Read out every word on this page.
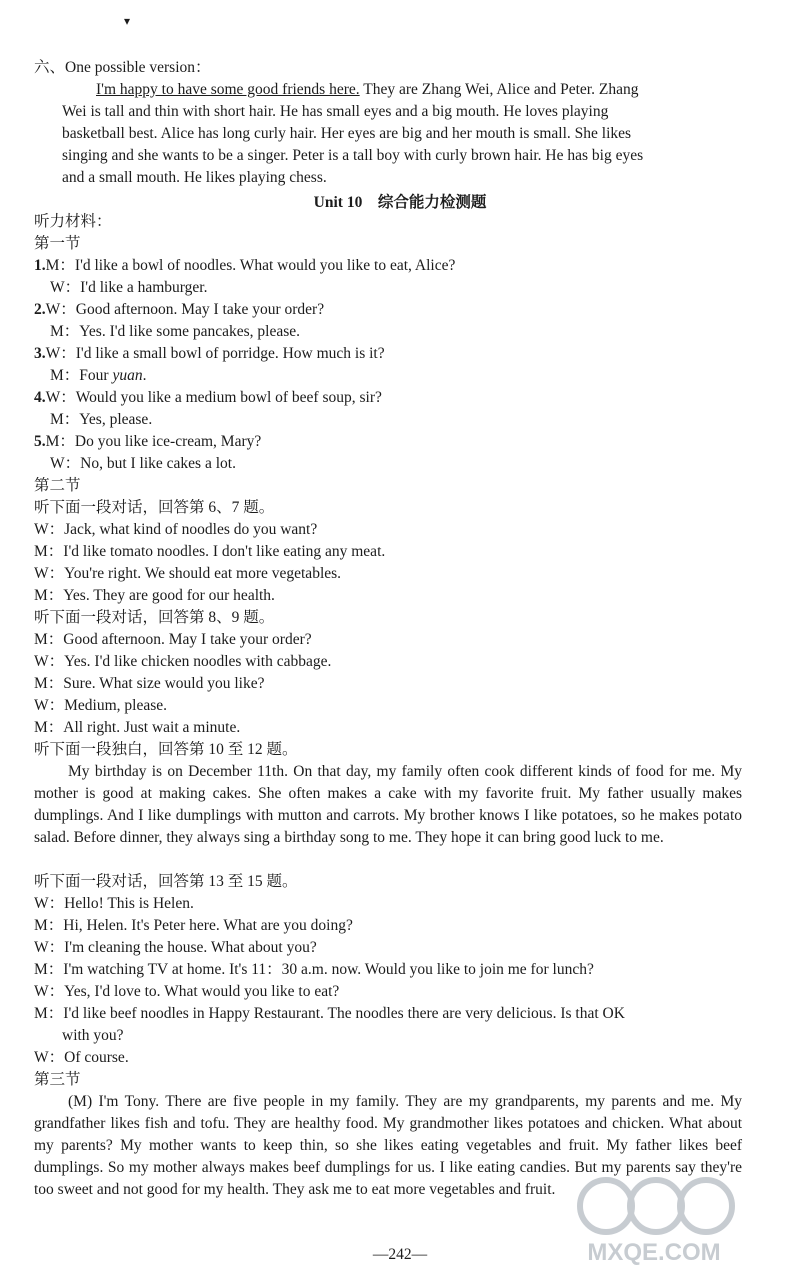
▾
六、One possible version：
I'm happy to have some good friends here. They are Zhang Wei, Alice and Peter. Zhang
Wei is tall and thin with short hair. He has small eyes and a big mouth. He loves playing
basketball best. Alice has long curly hair. Her eyes are big and her mouth is small. She likes
singing and she wants to be a singer. Peter is a tall boy with curly brown hair. He has big eyes
and a small mouth. He likes playing chess.
Unit 10　综合能力检测题
听力材料：
第一节
1.M：I'd like a bowl of noodles. What would you like to eat, Alice?
W：I'd like a hamburger.
2.W：Good afternoon. May I take your order?
M：Yes. I'd like some pancakes, please.
3.W：I'd like a small bowl of porridge. How much is it?
M：Four yuan.
4.W：Would you like a medium bowl of beef soup, sir?
M：Yes, please.
5.M：Do you like ice-cream, Mary?
W：No, but I like cakes a lot.
第二节
听下面一段对话，回答第 6、7 题。
W：Jack, what kind of noodles do you want?
M：I'd like tomato noodles. I don't like eating any meat.
W：You're right. We should eat more vegetables.
M：Yes. They are good for our health.
听下面一段对话，回答第 8、9 题。
M：Good afternoon. May I take your order?
W：Yes. I'd like chicken noodles with cabbage.
M：Sure. What size would you like?
W：Medium, please.
M：All right. Just wait a minute.
听下面一段独白，回答第 10 至 12 题。
My birthday is on December 11th. On that day, my family often cook different kinds of food for me. My mother is good at making cakes. She often makes a cake with my favorite fruit. My father usually makes dumplings. And I like dumplings with mutton and carrots. My brother knows I like potatoes, so he makes potato salad. Before dinner, they always sing a birthday song to me. They hope it can bring good luck to me.
听下面一段对话，回答第 13 至 15 题。
W：Hello! This is Helen.
M：Hi, Helen. It's Peter here. What are you doing?
W：I'm cleaning the house. What about you?
M：I'm watching TV at home. It's 11：30 a.m. now. Would you like to join me for lunch?
W：Yes, I'd love to. What would you like to eat?
M：I'd like beef noodles in Happy Restaurant. The noodles there are very delicious. Is that OK
with you?
W：Of course.
第三节
(M) I'm Tony. There are five people in my family. They are my grandparents, my parents and me. My grandfather likes fish and tofu. They are healthy food. My grandmother likes potatoes and chicken. What about my parents? My mother wants to keep thin, so she likes eating vegetables and fruit. My father likes beef dumplings. So my mother always makes beef dumplings for us. I like eating candies. But my parents say they're too sweet and not good for my health. They ask me to eat more vegetables and fruit.
—242—	MXQE.COM
